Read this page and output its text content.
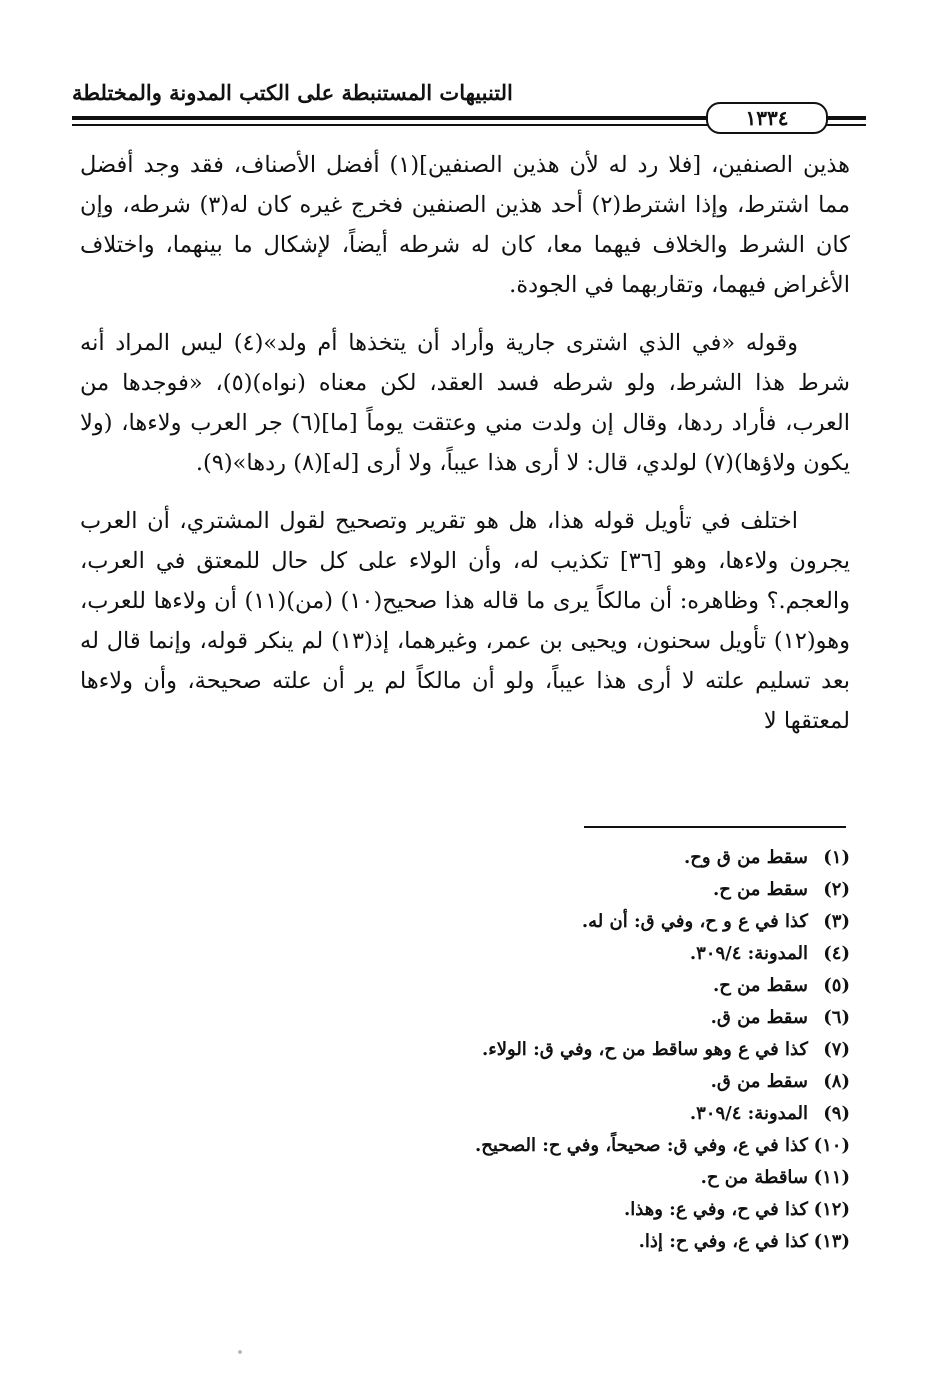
التنبيهات المستنبطة على الكتب المدونة والمختلطة
١٣٣٤

هذين الصنفين، [فلا رد له لأن هذين الصنفين](١) أفضل الأصناف، فقد وجد أفضل مما اشترط، وإذا اشترط(٢) أحد هذين الصنفين فخرج غيره كان له(٣) شرطه، وإن كان الشرط والخلاف فيهما معا، كان له شرطه أيضاً، لإشكال ما بينهما، واختلاف الأغراض فيهما، وتقاربهما في الجودة.

وقوله «في الذي اشترى جارية وأراد أن يتخذها أم ولد»(٤) ليس المراد أنه شرط هذا الشرط، ولو شرطه فسد العقد، لكن معناه (نواه)(٥)، «فوجدها من العرب، فأراد ردها، وقال إن ولدت مني وعتقت يوماً [ما](٦) جر العرب ولاءها، (ولا يكون ولاؤها)(٧) لولدي، قال: لا أرى هذا عيباً، ولا أرى [له](٨) ردها»(٩).

اختلف في تأويل قوله هذا، هل هو تقرير وتصحيح لقول المشتري، أن العرب يجرون ولاءها، وهو [٣٦] تكذيب له، وأن الولاء على كل حال للمعتق في العرب، والعجم.؟ وظاهره: أن مالكاً يرى ما قاله هذا صحيح(١٠) (من)(١١) أن ولاءها للعرب، وهو(١٢) تأويل سحنون، ويحيى بن عمر، وغيرهما، إذ(١٣) لم ينكر قوله، وإنما قال له بعد تسليم علته لا أرى هذا عيباً، ولو أن مالكاً لم ير أن علته صحيحة، وأن ولاءها لمعتقها لا

(١)
سقط من ق وح.
(٢)
سقط من ح.
(٣)
كذا في ع و ح، وفي ق: أن له.
(٤)
المدونة: ٣٠٩/٤.
(٥)
سقط من ح.
(٦)
سقط من ق.
(٧)
كذا في ع وهو ساقط من ح، وفي ق: الولاء.
(٨)
سقط من ق.
(٩)
المدونة: ٣٠٩/٤.
(١٠)
كذا في ع، وفي ق: صحيحاً، وفي ح: الصحيح.
(١١)
ساقطة من ح.
(١٢)
كذا في ح، وفي ع: وهذا.
(١٣)
كذا في ع، وفي ح: إذا.
